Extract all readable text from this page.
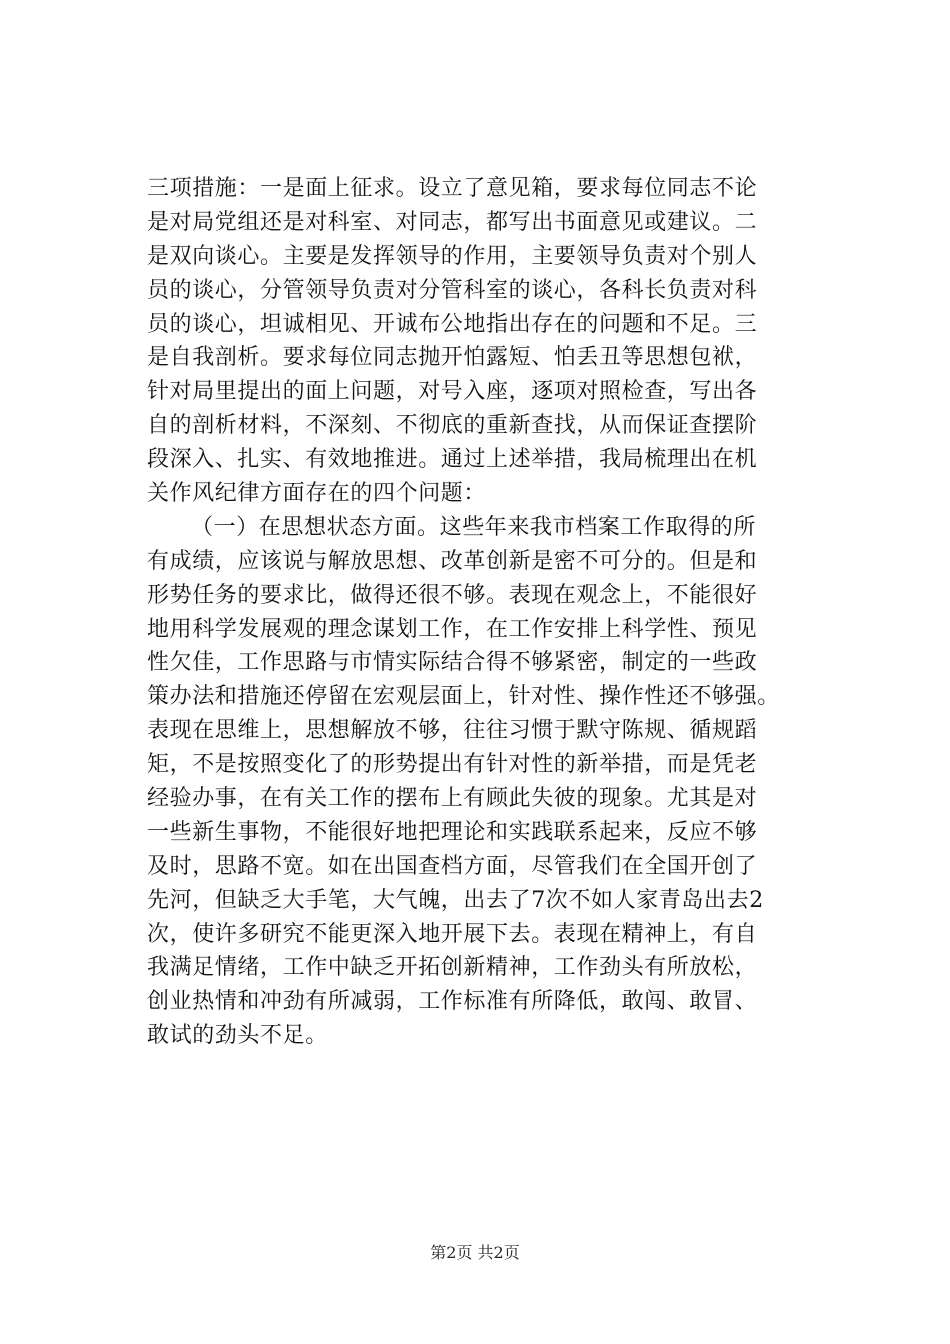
三项措施：一是面上征求。设立了意见箱，要求每位同志不论
是对局党组还是对科室、对同志，都写出书面意见或建议。二
是双向谈心。主要是发挥领导的作用，主要领导负责对个别人
员的谈心，分管领导负责对分管科室的谈心，各科长负责对科
员的谈心，坦诚相见、开诚布公地指出存在的问题和不足。三
是自我剖析。要求每位同志抛开怕露短、怕丢丑等思想包袱，
针对局里提出的面上问题，对号入座，逐项对照检查，写出各
自的剖析材料，不深刻、不彻底的重新查找，从而保证查摆阶
段深入、扎实、有效地推进。通过上述举措，我局梳理出在机
关作风纪律方面存在的四个问题：
（一）在思想状态方面。这些年来我市档案工作取得的所
有成绩，应该说与解放思想、改革创新是密不可分的。但是和
形势任务的要求比，做得还很不够。表现在观念上，不能很好
地用科学发展观的理念谋划工作，在工作安排上科学性、预见
性欠佳，工作思路与市情实际结合得不够紧密，制定的一些政
策办法和措施还停留在宏观层面上，针对性、操作性还不够强。
表现在思维上，思想解放不够，往往习惯于默守陈规、循规蹈
矩，不是按照变化了的形势提出有针对性的新举措，而是凭老
经验办事，在有关工作的摆布上有顾此失彼的现象。尤其是对
一些新生事物，不能很好地把理论和实践联系起来，反应不够
及时，思路不宽。如在出国查档方面，尽管我们在全国开创了
先河，但缺乏大手笔，大气魄，出去了7次不如人家青岛出去2
次，使许多研究不能更深入地开展下去。表现在精神上，有自
我满足情绪，工作中缺乏开拓创新精神，工作劲头有所放松，
创业热情和冲劲有所减弱，工作标准有所降低，敢闯、敢冒、
敢试的劲头不足。
第2页 共2页
